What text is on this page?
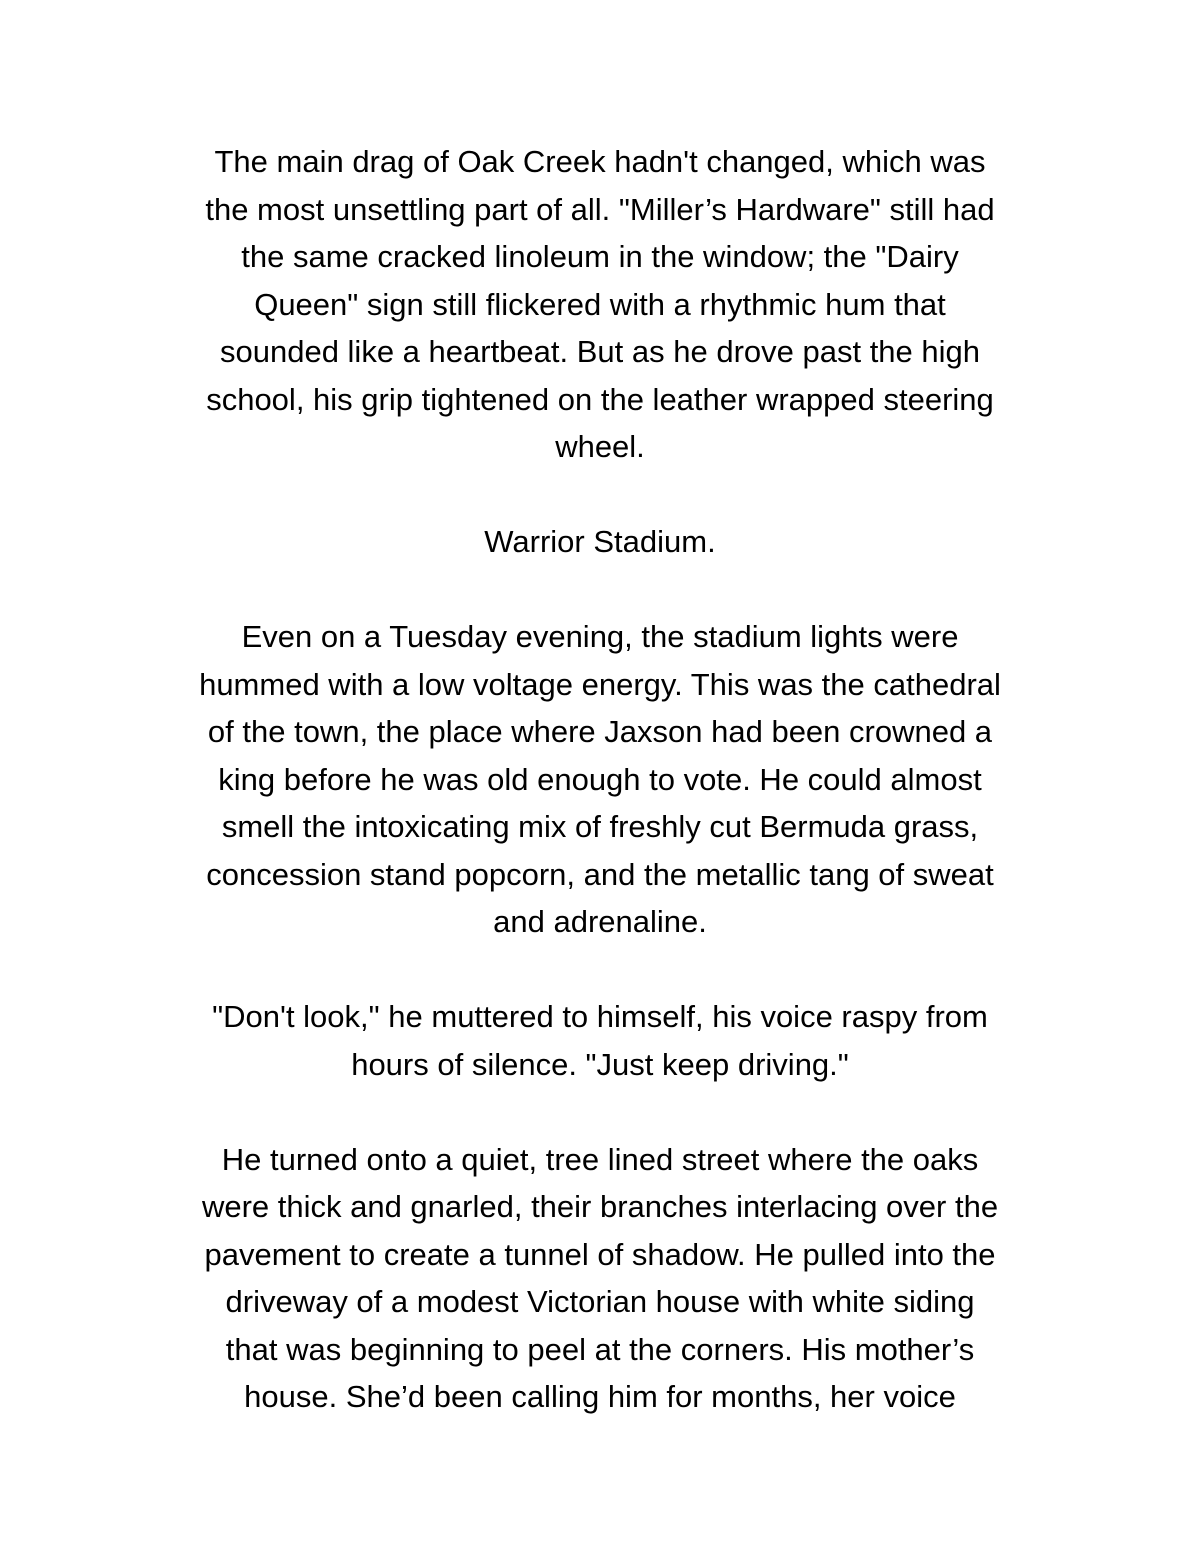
The main drag of Oak Creek hadn't changed, which was
the most unsettling part of all. "Miller’s Hardware" still had
the same cracked linoleum in the window; the "Dairy
Queen" sign still flickered with a rhythmic hum that
sounded like a heartbeat. But as he drove past the high
school, his grip tightened on the leather wrapped steering
wheel.

Warrior Stadium.

Even on a Tuesday evening, the stadium lights were
hummed with a low voltage energy. This was the cathedral
of the town, the place where Jaxson had been crowned a
king before he was old enough to vote. He could almost
smell the intoxicating mix of freshly cut Bermuda grass,
concession stand popcorn, and the metallic tang of sweat
and adrenaline.

"Don't look," he muttered to himself, his voice raspy from
hours of silence. "Just keep driving."

He turned onto a quiet, tree lined street where the oaks
were thick and gnarled, their branches interlacing over the
pavement to create a tunnel of shadow. He pulled into the
driveway of a modest Victorian house with white siding
that was beginning to peel at the corners. His mother’s
house. She’d been calling him for months, her voice
